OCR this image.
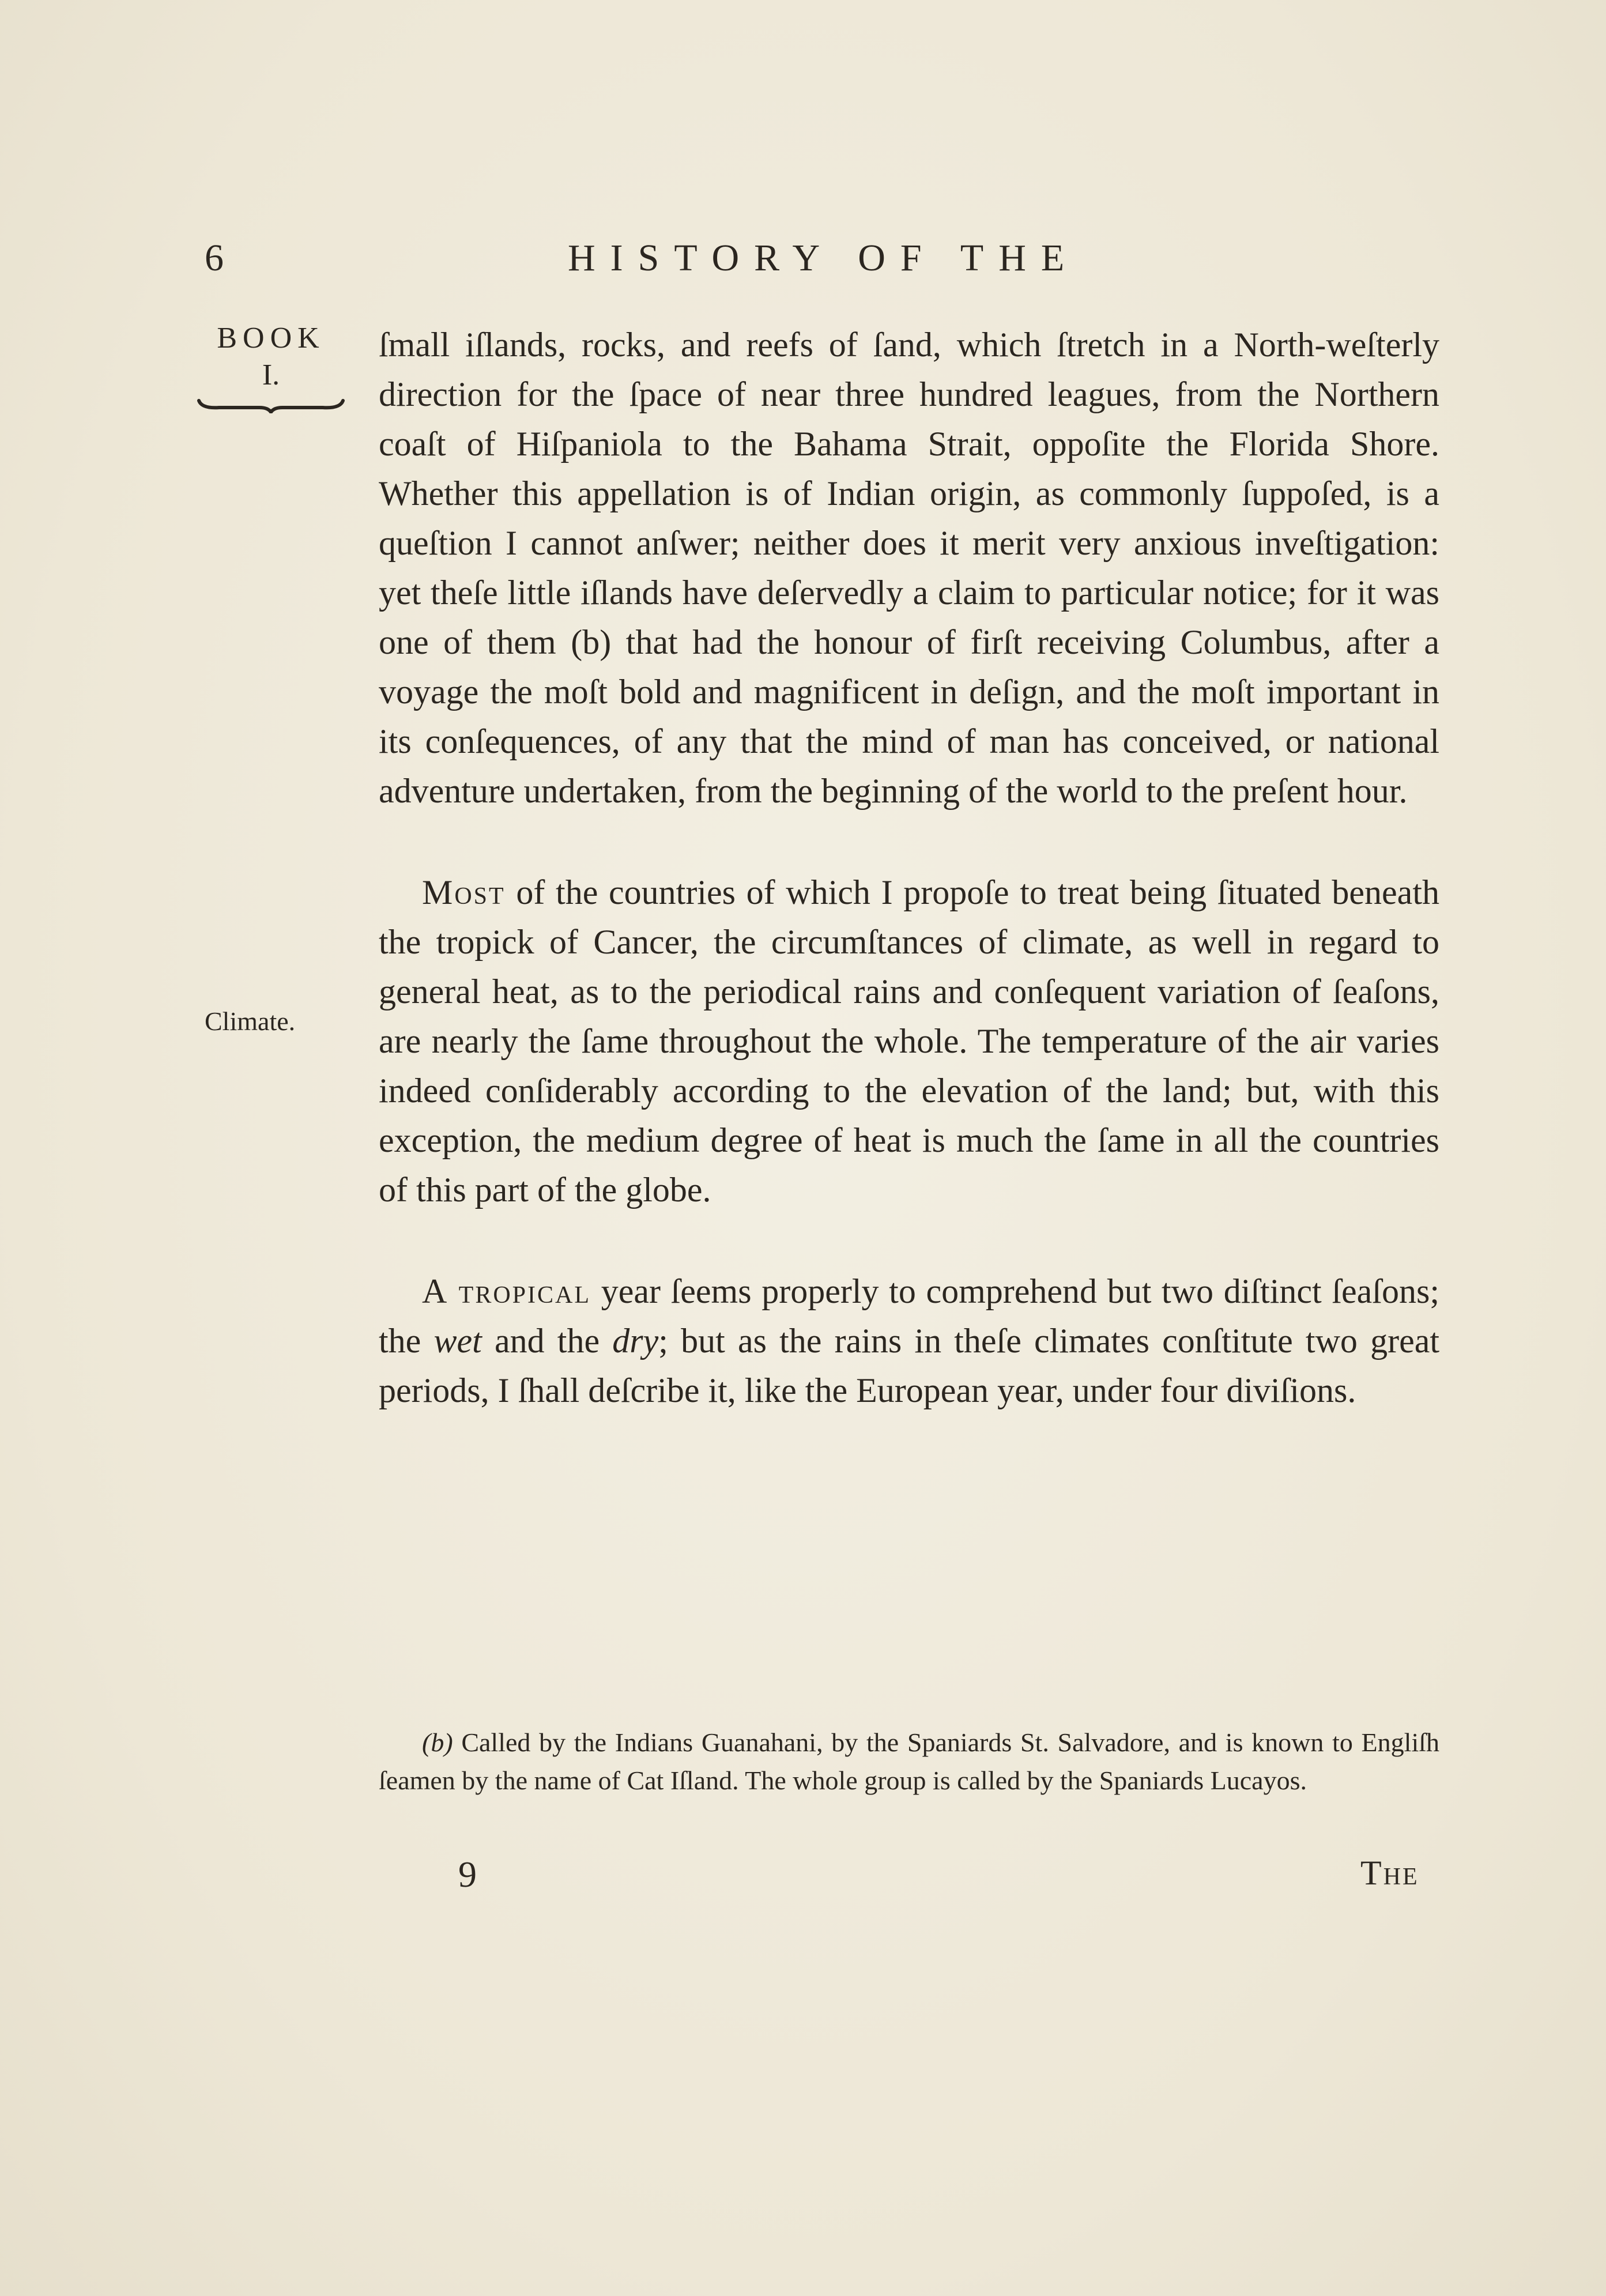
6	HISTORY OF THE
BOOK
I.
Climate.

ſmall iſlands, rocks, and reefs of ſand, which ſtretch in a North-weſterly direction for the ſpace of near three hundred leagues, from the Northern coaſt of Hiſpaniola to the Bahama Strait, oppoſite the Florida Shore. Whether this appellation is of Indian origin, as commonly ſuppoſed, is a queſtion I cannot anſwer; neither does it merit very anxious inveſtigation: yet theſe little iſlands have deſervedly a claim to particular notice; for it was one of them (b) that had the honour of firſt receiving Columbus, after a voyage the moſt bold and magnificent in deſign, and the moſt important in its conſequences, of any that the mind of man has conceived, or national adventure undertaken, from the beginning of the world to the preſent hour.

Most of the countries of which I propoſe to treat being ſituated beneath the tropick of Cancer, the circumſtances of climate, as well in regard to general heat, as to the periodical rains and conſequent variation of ſeaſons, are nearly the ſame throughout the whole. The temperature of the air varies indeed conſiderably according to the elevation of the land; but, with this exception, the medium degree of heat is much the ſame in all the countries of this part of the globe.

A tropical year ſeems properly to comprehend but two diſtinct ſeaſons; the wet and the dry; but as the rains in theſe climates conſtitute two great periods, I ſhall deſcribe it, like the European year, under four diviſions.

(b) Called by the Indians Guanahani, by the Spaniards St. Salvadore, and is known to Engliſh ſeamen by the name of Cat Iſland. The whole group is called by the Spaniards Lucayos.
9	The
